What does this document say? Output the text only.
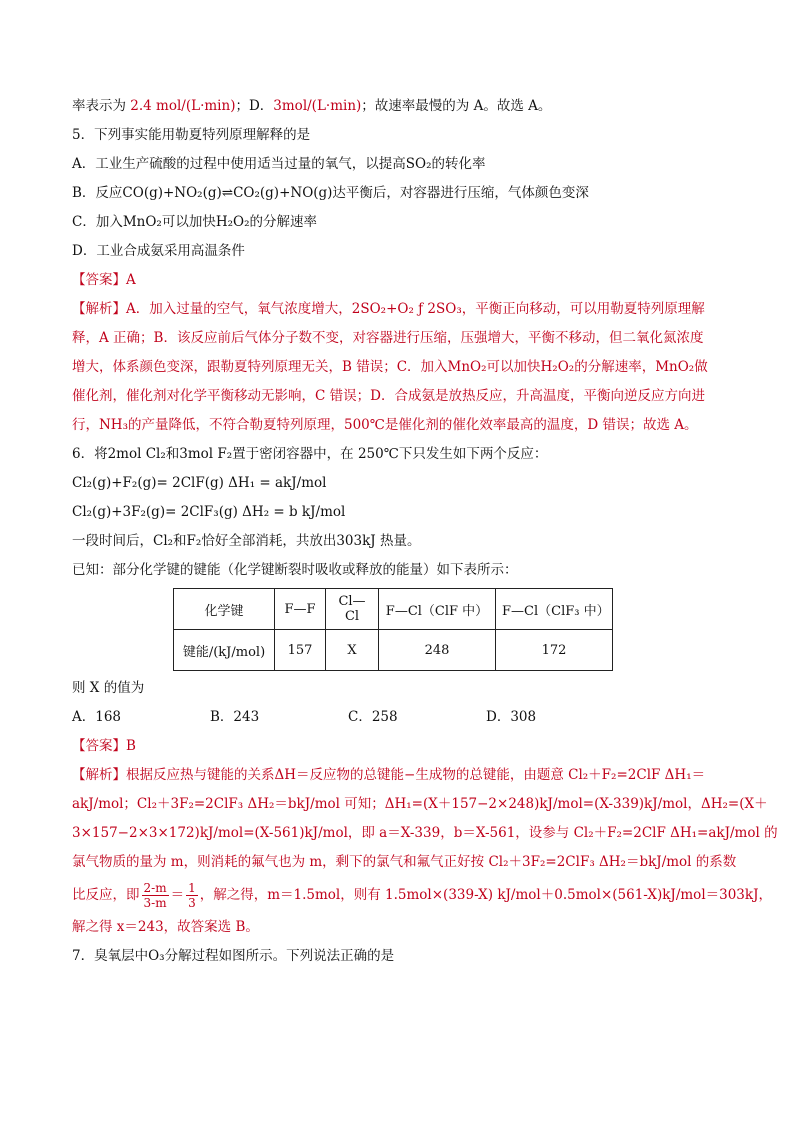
率表示为 2.4 mol/(L·min)；D．3mol/(L·min)；故速率最慢的为 A。故选 A。
5．下列事实能用勒夏特列原理解释的是
A．工业生产硫酸的过程中使用适当过量的氧气，以提高SO₂的转化率
B．反应CO(g)+NO₂(g)⇌CO₂(g)+NO(g)达平衡后，对容器进行压缩，气体颜色变深
C．加入MnO₂可以加快H₂O₂的分解速率
D．工业合成氨采用高温条件
【答案】A
【解析】A．加入过量的空气，氧气浓度增大，2SO₂+O₂ ƒ 2SO₃，平衡正向移动，可以用勒夏特列原理解
释，A 正确；B．该反应前后气体分子数不变，对容器进行压缩，压强增大，平衡不移动，但二氧化氮浓度
增大，体系颜色变深，跟勒夏特列原理无关，B 错误；C．加入MnO₂可以加快H₂O₂的分解速率，MnO₂做
催化剂，催化剂对化学平衡移动无影响，C 错误；D．合成氨是放热反应，升高温度，平衡向逆反应方向进
行，NH₃的产量降低，不符合勒夏特列原理，500℃是催化剂的催化效率最高的温度，D 错误；故选 A。
6．将2mol Cl₂和3mol F₂置于密闭容器中，在 250℃下只发生如下两个反应：
Cl₂(g)+F₂(g)= 2ClF(g) ΔH₁ = akJ/mol
Cl₂(g)+3F₂(g)= 2ClF₃(g) ΔH₂ = b kJ/mol
一段时间后，Cl₂和F₂恰好全部消耗，共放出303kJ 热量。
已知：部分化学键的键能（化学键断裂时吸收或释放的能量）如下表所示：
化学键	F—F	Cl—Cl	F—Cl（ClF 中）	F—Cl（ClF₃ 中）
键能/(kJ/mol)	157	X	248	172
则 X 的值为
A．168	B．243	C．258	D．308
【答案】B
【解析】根据反应热与键能的关系ΔH＝反应物的总键能−生成物的总键能，由题意 Cl₂＋F₂=2ClF ΔH₁＝
akJ/mol；Cl₂＋3F₂=2ClF₃ ΔH₂＝bkJ/mol 可知；ΔH₁=(X＋157−2×248)kJ/mol=(X-339)kJ/mol，ΔH₂=(X＋
3×157−2×3×172)kJ/mol=(X-561)kJ/mol，即 a＝X-339，b＝X-561，设参与 Cl₂＋F₂=2ClF ΔH₁=akJ/mol 的
氯气物质的量为 m，则消耗的氟气也为 m，剩下的氯气和氟气正好按 Cl₂＋3F₂=2ClF₃ ΔH₂＝bkJ/mol 的系数
比反应，即 $\frac{2-m}{3-m} = \frac{1}{3}$ ，解之得，m＝1.5mol，则有 1.5mol×(339-X) kJ/mol＋0.5mol×(561-X)kJ/mol＝303kJ，
解之得 x＝243，故答案选 B。
7．臭氧层中O₃分解过程如图所示。下列说法正确的是
